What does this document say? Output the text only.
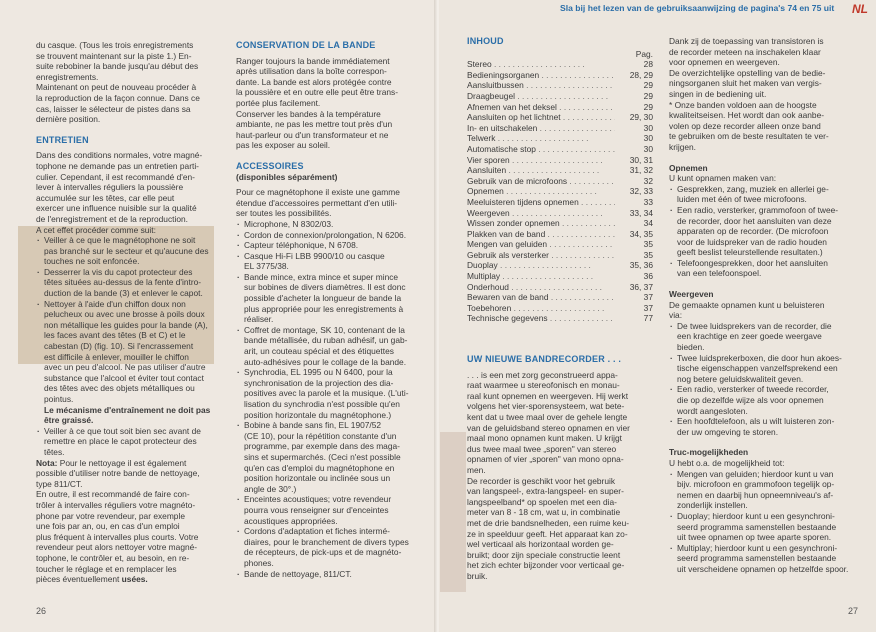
du casque. (Tous les trois enregistrements
se trouvent maintenant sur la piste 1.) En-
suite rebobiner la bande jusqu'au début des
enregistrements.
Maintenant on peut de nouveau procéder à
la reproduction de la façon connue. Dans ce
cas, laisser le sélecteur de pistes dans sa
dernière position.

ENTRETIEN

Dans des conditions normales, votre magné-
tophone ne demande pas un entretien parti-
culier. Cependant, il est recommandé d'en-
lever à intervalles réguliers la poussière
accumulée sur les têtes, car elle peut
exercer une influence nuisible sur la qualité
de l'enregistrement et de la reproduction.
A cet effet procéder comme suit:

· Veiller à ce que le magnétophone ne soit
pas branché sur le secteur et qu'aucune des
touches ne soit enfoncée.
· Desserrer la vis du capot protecteur des
têtes situées au-dessus de la fente d'intro-
duction de la bande (3) et enlever le capot.
· Nettoyer à l'aide d'un chiffon doux non
pelucheux ou avec une brosse à poils doux
non métallique les guides pour la bande (A),
les faces avant des têtes (B et C) et le
cabestan (D) (fig. 10). Si l'encrassement
est difficile à enlever, mouiller le chiffon
avec un peu d'alcool. Ne pas utiliser d'autre
substance que l'alcool et éviter tout contact
des têtes avec des objets métalliques ou
pointus.

Le mécanisme d'entraînement ne doit pas
être graissé.

· Veiller à ce que tout soit bien sec avant de
remettre en place le capot protecteur des
têtes.

Nota: Pour le nettoyage il est également
possible d'utiliser notre bande de nettoyage,
type 811/CT.

En outre, il est recommandé de faire con-
trôler à intervalles réguliers votre magnéto-
phone par votre revendeur, par exemple
une fois par an, ou, en cas d'un emploi
plus fréquent à intervalles plus courts. Votre
revendeur peut alors nettoyer votre magné-
tophone, le contrôler et, au besoin, en re-
toucher le réglage et en remplacer les
pièces éventuellement usées.

CONSERVATION DE LA BANDE

Ranger toujours la bande immédiatement
après utilisation dans la boîte correspon-
dante. La bande est alors protégée contre
la poussière et en outre elle peut être trans-
portée plus facilement.
Conserver les bandes à la température
ambiante, ne pas les mettre tout près d'un
haut-parleur ou d'un transformateur et ne
pas les exposer au soleil.

ACCESSOIRES

(disponibles séparément)

Pour ce magnétophone il existe une gamme
étendue d'accessoires permettant d'en utili-
ser toutes les possibilités.

· Microphone, N 8302/03.
· Cordon de connexion/prolongation, N 6206.
· Capteur téléphonique, N 6708.
· Casque Hi-Fi LBB 9900/10 ou casque
EL 3775/38.
· Bande mince, extra mince et super mince
sur bobines de divers diamètres. Il est donc
possible d'acheter la longueur de bande la
plus appropriée pour les enregistrements à
réaliser.
· Coffret de montage, SK 10, contenant de la
bande métallisée, du ruban adhésif, un gab-
arit, un couteau spécial et des étiquettes
auto-adhésives pour le collage de la bande.
· Synchrodia, EL 1995 ou N 6400, pour la
synchronisation de la projection des dia-
positives avec la parole et la musique. (L'uti-
lisation du synchrodia n'est possible qu'en
position horizontale du magnétophone.)
· Bobine à bande sans fin, EL 1907/52
(CE 10), pour la répétition constante d'un
programme, par exemple dans des maga-
sins et supermarchés. (Ceci n'est possible
qu'en cas d'emploi du magnétophone en
position horizontale ou inclinée sous un
angle de 30°.)
· Enceintes acoustiques; votre revendeur
pourra vous renseigner sur d'enceintes
acoustiques appropriées.
· Cordons d'adaptation et fiches intermé-
diaires, pour le branchement de divers types
de récepteurs, de pick-ups et de magnéto-
phones.
· Bande de nettoyage, 811/CT.
26

INHOUD

Pag.
Stereo . . .	28
Bedieningsorganen . . .	28, 29
Aansluitbussen . . .	29
Draagbeugel . . .	29
Afnemen van het deksel . . .	29
Aansluiten op het lichtnet . . .	29, 30
In- en uitschakelen . . .	30
Telwerk . . .	30
Automatische stop . . .	30
Vier sporen . . .	30, 31
Aansluiten . . .	31, 32
Gebruik van de microfoons . . .	32
Opnemen . . .	32, 33
Meeluisteren tijdens opnemen . . .	33
Weergeven . . .	33, 34
Wissen zonder opnemen . . .	34
Plakken van de band . . .	34, 35
Mengen van geluiden . . .	35
Gebruik als versterker . . .	35
Duoplay . . .	35, 36
Multiplay . . .	36
Onderhoud . . .	36, 37
Bewaren van de band . . .	37
Toebehoren . . .	37
Technische gegevens . . .	77

UW NIEUWE BANDRECORDER . . .

. . . is een met zorg geconstrueerd appa-
raat waarmee u stereofonisch en monau-
raal kunt opnemen en weergeven. Hij werkt
volgens het vier-sporensysteem, wat bete-
kent dat u twee maal over de gehele lengte
van de geluidsband stereo opnamen en vier
maal mono opnamen kunt maken. U krijgt
dus twee maal twee „sporen" van stereo
opnamen of vier „sporen" van mono opna-
men.
De recorder is geschikt voor het gebruik
van langspeel-, extra-langspeel- en super-
langspeelband* op spoelen met een dia-
meter van 8 - 18 cm, wat u, in combinatie
met de drie bandsnelheden, een ruime keu-
ze in speelduur geeft. Het apparaat kan zo-
wel verticaal als horizontaal worden ge-
bruikt; door zijn speciale constructie leent
het zich echter bijzonder voor verticaal ge-
bruik.

Dank zij de toepassing van transistoren is
de recorder meteen na inschakelen klaar
voor opnemen en weergeven.
De overzichtelijke opstelling van de bedie-
ningsorganen sluit het maken van vergis-
singen in de bediening uit.
* Onze banden voldoen aan de hoogste
kwaliteitseisen. Het wordt dan ook aanbe-
volen op deze recorder alleen onze band
te gebruiken om de beste resultaten te ver-
krijgen.

Opnemen

U kunt opnamen maken van:

· Gesprekken, zang, muziek en allerlei ge-
luiden met één of twee microfoons.
· Een radio, versterker, grammofoon of twee-
de recorder, door het aansluiten van deze
apparaten op de recorder. (De microfoon
voor de luidspreker van de radio houden
geeft beslist teleurstellende resultaten.)
· Telefoongesprekken, door het aansluiten
van een telefoonspoel.

Weergeven

De gemaakte opnamen kunt u beluisteren
via:

· De twee luidsprekers van de recorder, die
een krachtige en zeer goede weergave
bieden.
· Twee luidsprekerboxen, die door hun akoes-
tische eigenschappen vanzelfsprekend een
nog betere geluidskwaliteit geven.
· Een radio, versterker of tweede recorder,
die op dezelfde wijze als voor opnemen
wordt aangesloten.
· Een hoofdtelefoon, als u wilt luisteren zon-
der uw omgeving te storen.

Truc-mogelijkheden

U hebt o.a. de mogelijkheid tot:

· Mengen van geluiden; hierdoor kunt u van
bijv. microfoon en grammofoon tegelijk op-
nemen en daarbij hun opneemniveau's af-
zonderlijk instellen.
· Duoplay; hierdoor kunt u een gesynchroni-
seerd programma samenstellen bestaande
uit twee opnamen op twee aparte sporen.
· Multiplay; hierdoor kunt u een gesynchroni-
seerd programma samenstellen bestaande
uit verscheidene opnamen op hetzelfde spoor.
27
Sla bij het lezen van de gebruiksaanwijzing de pagina's 74 en 75 uit NL
